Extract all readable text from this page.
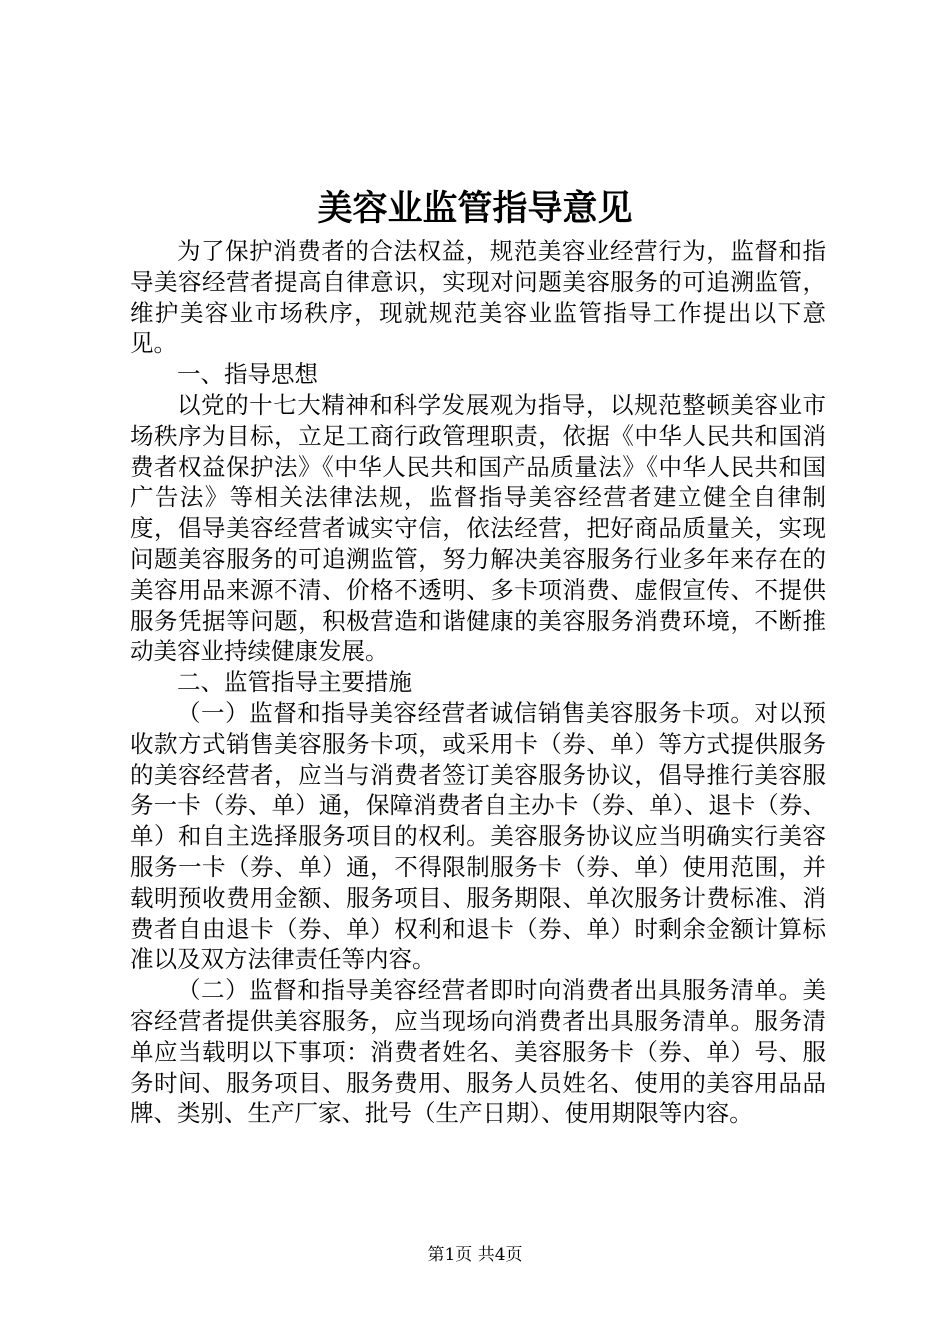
美容业监管指导意见

为了保护消费者的合法权益，规范美容业经营行为，监督和指导美容经营者提高自律意识，实现对问题美容服务的可追溯监管，维护美容业市场秩序，现就规范美容业监管指导工作提出以下意见。

一、指导思想

以党的十七大精神和科学发展观为指导，以规范整顿美容业市场秩序为目标，立足工商行政管理职责，依据《中华人民共和国消费者权益保护法》《中华人民共和国产品质量法》《中华人民共和国广告法》等相关法律法规，监督指导美容经营者建立健全自律制度，倡导美容经营者诚实守信，依法经营，把好商品质量关，实现问题美容服务的可追溯监管，努力解决美容服务行业多年来存在的美容用品来源不清、价格不透明、多卡项消费、虚假宣传、不提供服务凭据等问题，积极营造和谐健康的美容服务消费环境，不断推动美容业持续健康发展。

二、监管指导主要措施

（一）监督和指导美容经营者诚信销售美容服务卡项。对以预收款方式销售美容服务卡项，或采用卡（券、单）等方式提供服务的美容经营者，应当与消费者签订美容服务协议，倡导推行美容服务一卡（券、单）通，保障消费者自主办卡（券、单）、退卡（券、单）和自主选择服务项目的权利。美容服务协议应当明确实行美容服务一卡（券、单）通，不得限制服务卡（券、单）使用范围，并载明预收费用金额、服务项目、服务期限、单次服务计费标准、消费者自由退卡（券、单）权利和退卡（券、单）时剩余金额计算标准以及双方法律责任等内容。

（二）监督和指导美容经营者即时向消费者出具服务清单。美容经营者提供美容服务，应当现场向消费者出具服务清单。服务清单应当载明以下事项：消费者姓名、美容服务卡（券、单）号、服务时间、服务项目、服务费用、服务人员姓名、使用的美容用品品牌、类别、生产厂家、批号（生产日期）、使用期限等内容。

第1页 共4页
